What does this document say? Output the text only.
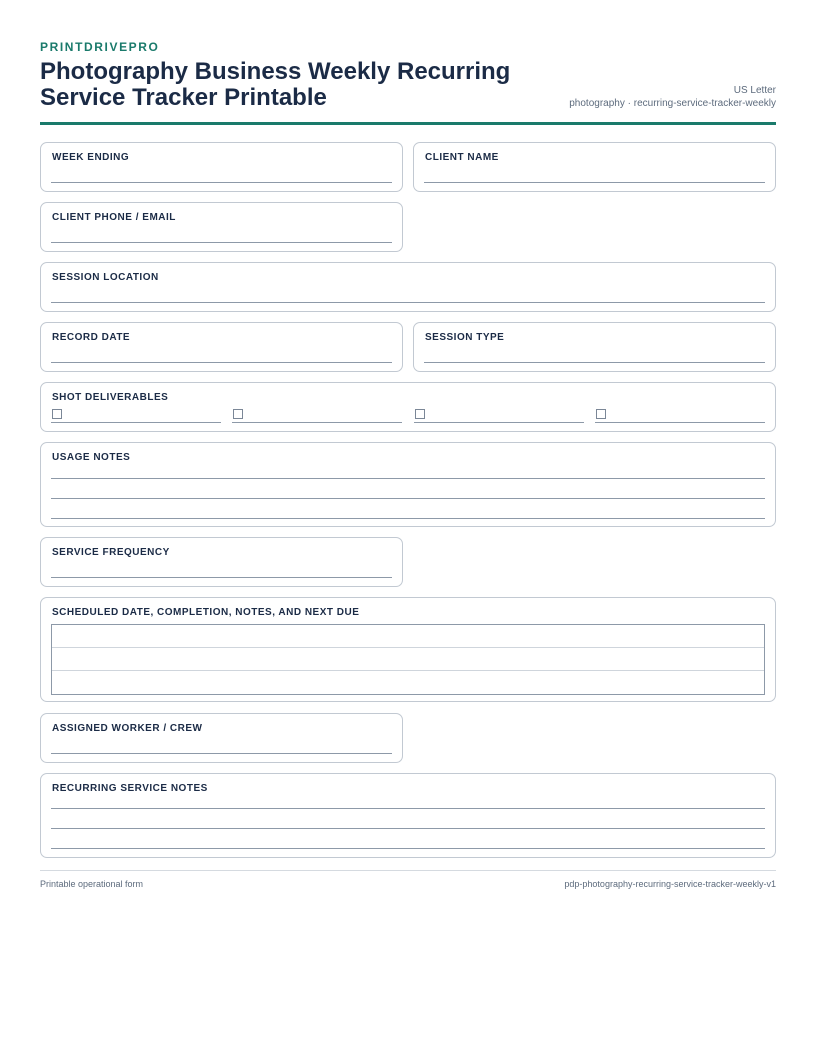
PRINTDRIVEPRO
Photography Business Weekly Recurring Service Tracker Printable	US Letter
photography · recurring-service-tracker-weekly
WEEK ENDING	CLIENT NAME
CLIENT PHONE / EMAIL
SESSION LOCATION
RECORD DATE	SESSION TYPE
SHOT DELIVERABLES
USAGE NOTES
SERVICE FREQUENCY
SCHEDULED DATE, COMPLETION, NOTES, AND NEXT DUE
ASSIGNED WORKER / CREW
RECURRING SERVICE NOTES
Printable operational form	pdp-photography-recurring-service-tracker-weekly-v1
